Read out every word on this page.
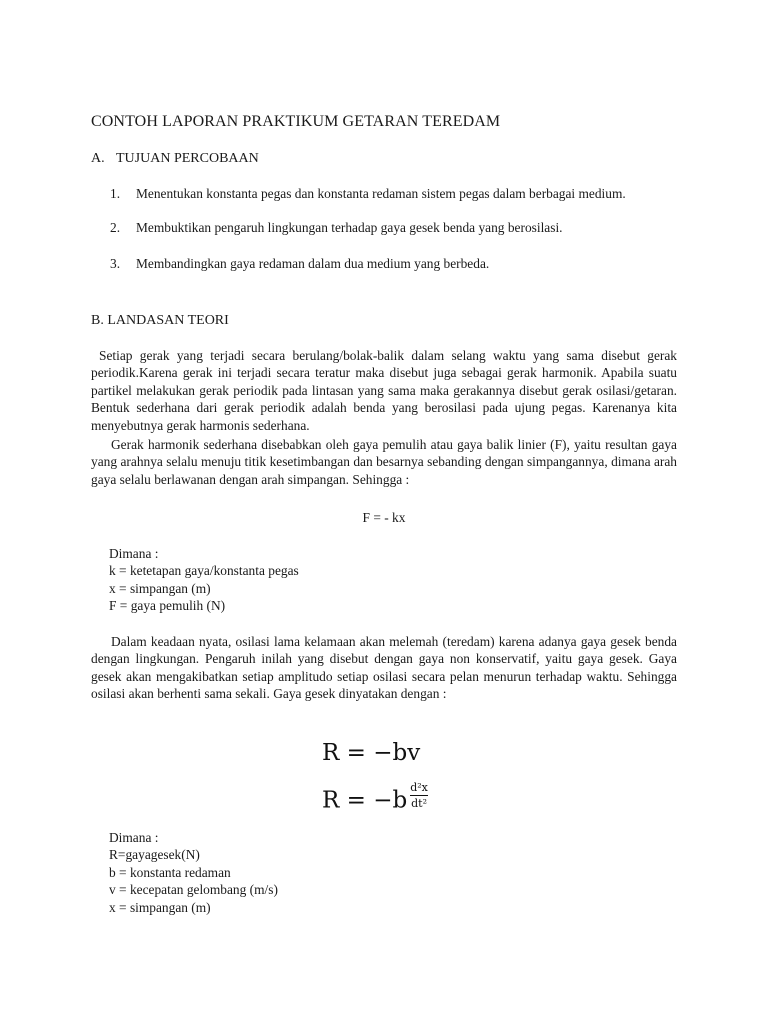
CONTOH LAPORAN PRAKTIKUM GETARAN TEREDAM
A. TUJUAN PERCOBAAN
1. Menentukan konstanta pegas dan konstanta redaman sistem pegas dalam berbagai medium.
2. Membuktikan pengaruh lingkungan terhadap gaya gesek benda yang berosilasi.
3. Membandingkan gaya redaman dalam dua medium yang berbeda.
B. LANDASAN TEORI
Setiap gerak yang terjadi secara berulang/bolak-balik dalam selang waktu yang sama disebut gerak periodik.Karena gerak ini terjadi secara teratur maka disebut juga sebagai gerak harmonik. Apabila suatu partikel melakukan gerak periodik pada lintasan yang sama maka gerakannya disebut gerak osilasi/getaran. Bentuk sederhana dari gerak periodik adalah benda yang berosilasi pada ujung pegas. Karenanya kita menyebutnya gerak harmonis sederhana.
Gerak harmonik sederhana disebabkan oleh gaya pemulih atau gaya balik linier (F), yaitu resultan gaya yang arahnya selalu menuju titik kesetimbangan dan besarnya sebanding dengan simpangannya, dimana arah gaya selalu berlawanan dengan arah simpangan. Sehingga :
F = - kx
Dimana :
k = ketetapan gaya/konstanta pegas
x = simpangan (m)
F = gaya pemulih (N)
Dalam keadaan nyata, osilasi lama kelamaan akan melemah (teredam) karena adanya gaya gesek benda dengan lingkungan. Pengaruh inilah yang disebut dengan gaya non konservatif, yaitu gaya gesek. Gaya gesek akan mengakibatkan setiap amplitudo setiap osilasi secara pelan menurun terhadap waktu. Sehingga osilasi akan berhenti sama sekali. Gaya gesek dinyatakan dengan :
R = −bv
$R = -b \frac{\text{d²x}}{\text{dt²}}$
Dimana :
R=gayagesek(N)
b = konstanta redaman
v = kecepatan gelombang (m/s)
x = simpangan (m)
